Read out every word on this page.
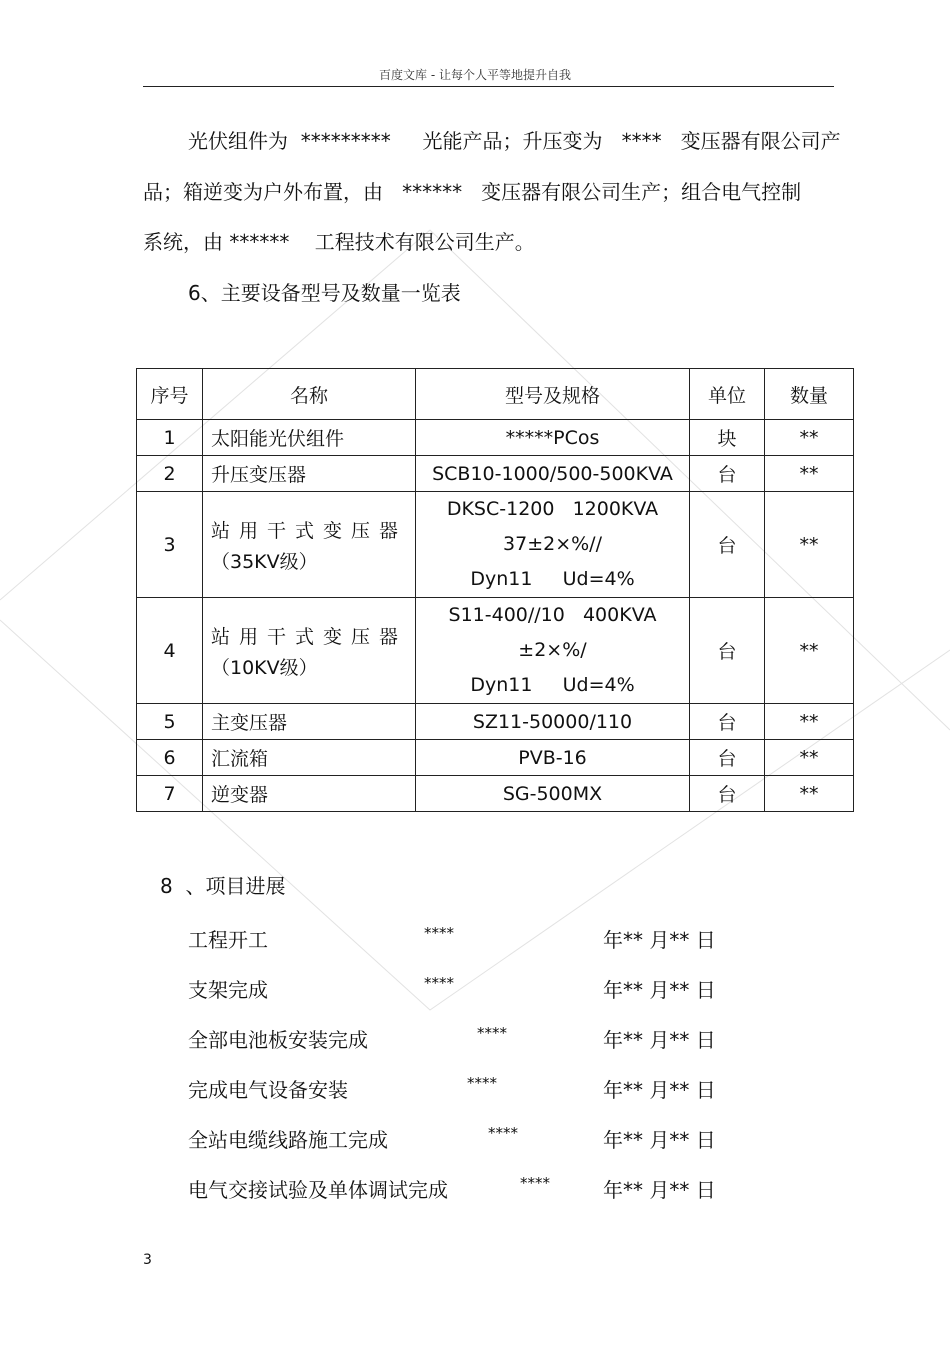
百度文库 - 让每个人平等地提升自我
光伏组件为  *********     光能产品；升压变为   ****   变压器有限公司产
品；箱逆变为户外布置，由   ******   变压器有限公司生产；组合电气控制
系统，由 ******    工程技术有限公司生产。
6、主要设备型号及数量一览表
序号	名称	型号及规格	单位	数量
1	太阳能光伏组件	*****PCos	块	**
2	升压变压器	SCB10-1000/500-500KVA	台	**
3	站用干式变压器
（35KV级）	DKSC-1200   1200KVA
37±2×%//
Dyn11     Ud=4%	台	**
4	站用干式变压器
（10KV级）	S11-400//10   400KVA
±2×%/
Dyn11     Ud=4%	台	**
5	主变压器	SZ11-50000/110	台	**
6	汇流箱	PVB-16	台	**
7	逆变器	SG-500MX	台	**
8  、项目进展
工程开工	****	年** 月** 日
支架完成	****	年** 月** 日
全部电池板安装完成	****	年** 月** 日
完成电气设备安装	****	年** 月** 日
全站电缆线路施工完成	****	年** 月** 日
电气交接试验及单体调试完成	****	年** 月** 日
3
